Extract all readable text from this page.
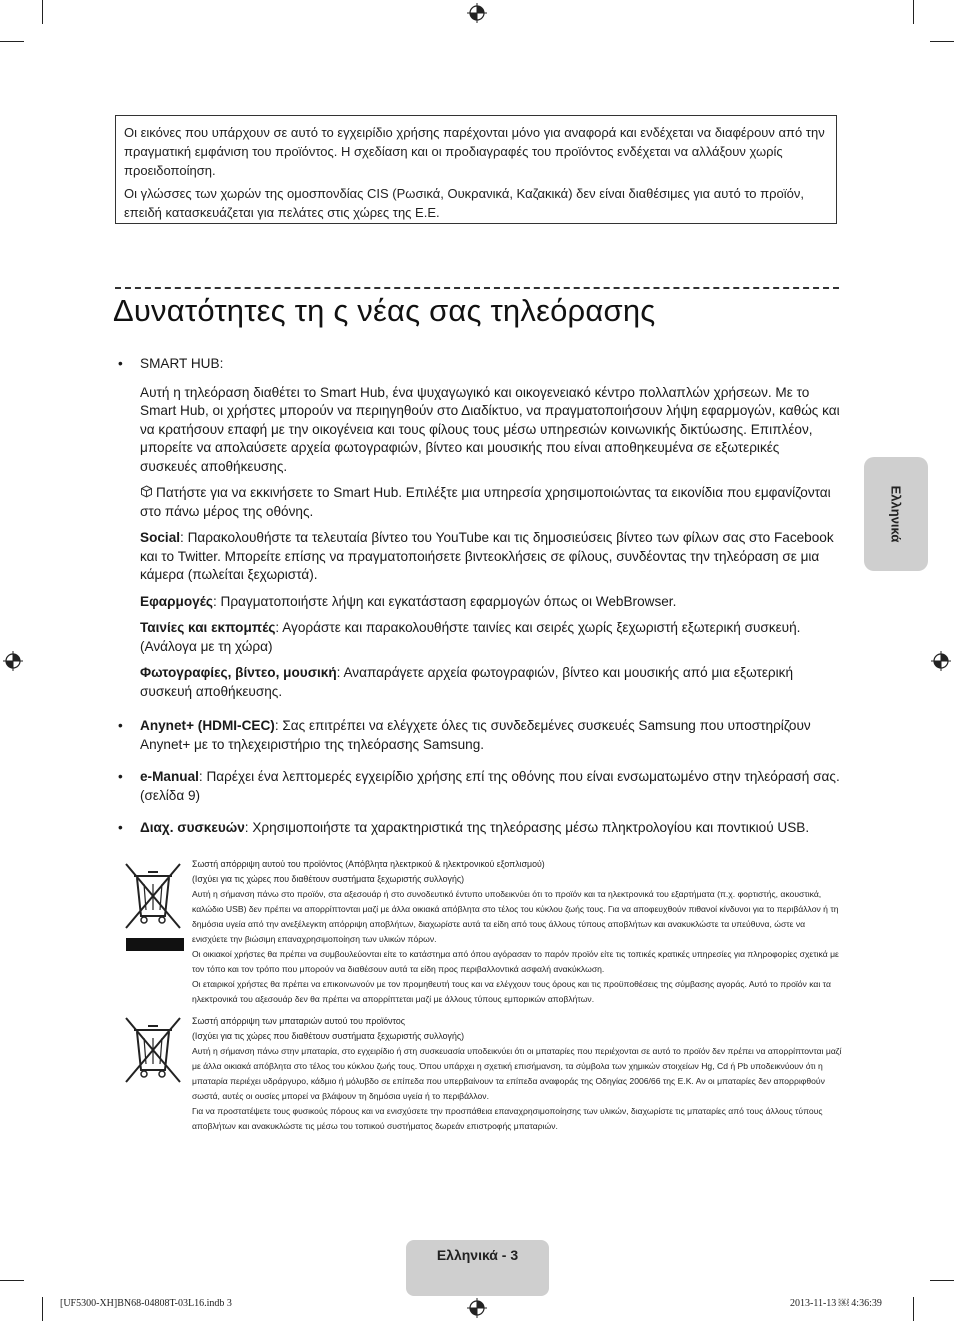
Οι εικόνες που υπάρχουν σε αυτό το εγχειρίδιο χρήσης παρέχονται μόνο για αναφορά και ενδέχεται να διαφέρουν από την πραγματική εμφάνιση του προϊόντος. Η σχεδίαση και οι προδιαγραφές του προϊόντος ενδέχεται να αλλάξουν χωρίς προειδοποίηση.

Οι γλώσσες των χωρών της ομοσπονδίας CIS (Ρωσικά, Ουκρανικά, Καζακικά) δεν είναι διαθέσιμες για αυτό το προϊόν, επειδή κατασκευάζεται για πελάτες στις χώρες της Ε.Ε.

Δυνατότητες τη ς νέας σας τηλεόρασης
Ελληνικά
• SMART HUB:

Αυτή η τηλεόραση διαθέτει το Smart Hub, ένα ψυχαγωγικό και οικογενειακό κέντρο πολλαπλών χρήσεων. Με το Smart Hub, οι χρήστες μπορούν να περιηγηθούν στο Διαδίκτυο, να πραγματοποιήσουν λήψη εφαρμογών, καθώς και να κρατήσουν επαφή με την οικογένεια και τους φίλους τους μέσω υπηρεσιών κοινωνικής δικτύωσης. Επιπλέον, μπορείτε να απολαύσετε αρχεία φωτογραφιών, βίντεο και μουσικής που είναι αποθηκευμένα σε εξωτερικές συσκευές αποθήκευσης.

Πατήστε για να εκκινήσετε το Smart Hub. Επιλέξτε μια υπηρεσία χρησιμοποιώντας τα εικονίδια που εμφανίζονται στο πάνω μέρος της οθόνης.

Social: Παρακολουθήστε τα τελευταία βίντεο του YouTube και τις δημοσιεύσεις βίντεο των φίλων σας στο Facebook και το Twitter. Μπορείτε επίσης να πραγματοποιήσετε βιντεοκλήσεις σε φίλους, συνδέοντας την τηλεόραση σε μια κάμερα (πωλείται ξεχωριστά).

Εφαρμογές: Πραγματοποιήστε λήψη και εγκατάσταση εφαρμογών όπως οι WebBrowser.

Ταινίες και εκπομπές: Αγοράστε και παρακολουθήστε ταινίες και σειρές χωρίς ξεχωριστή εξωτερική συσκευή. (Ανάλογα με τη χώρα)

Φωτογραφίες, βίντεο, μουσική: Αναπαράγετε αρχεία φωτογραφιών, βίντεο και μουσικής από μια εξωτερική συσκευή αποθήκευσης.

• Anynet+ (HDMI-CEC): Σας επιτρέπει να ελέγχετε όλες τις συνδεδεμένες συσκευές Samsung που υποστηρίζουν Anynet+ με το τηλεχειριστήριο της τηλεόρασης Samsung.
• e-Manual: Παρέχει ένα λεπτομερές εγχειρίδιο χρήσης επί της οθόνης που είναι ενσωματωμένο στην τηλεόρασή σας. (σελίδα 9)
• Διαχ. συσκευών: Χρησιμοποιήστε τα χαρακτηριστικά της τηλεόρασης μέσω πληκτρολογίου και ποντικιού USB.
Σωστή απόρριψη αυτού του προϊόντος (Απόβλητα ηλεκτρικού & ηλεκτρονικού εξοπλισμού)
(Ισχύει για τις χώρες που διαθέτουν συστήματα ξεχωριστής συλλογής)
Αυτή η σήμανση πάνω στο προϊόν, στα αξεσουάρ ή στο συνοδευτικό έντυπο υποδεικνύει ότι το προϊόν και τα ηλεκτρονικά του εξαρτήματα (π.χ. φορτιστής, ακουστικά, καλώδιο USB) δεν πρέπει να απορρίπτονται μαζί με άλλα οικιακά απόβλητα στο τέλος του κύκλου ζωής τους. Για να αποφευχθούν πιθανοί κίνδυνοι για το περιβάλλον ή τη δημόσια υγεία από την ανεξέλεγκτη απόρριψη αποβλήτων, διαχωρίστε αυτά τα είδη από τους άλλους τύπους αποβλήτων και ανακυκλώστε τα υπεύθυνα, ώστε να ενισχύετε την βιώσιμη επαναχρησιμοποίηση των υλικών πόρων.
Οι οικιακοί χρήστες θα πρέπει να συμβουλεύονται είτε το κατάστημα από όπου αγόρασαν το παρόν προϊόν είτε τις τοπικές κρατικές υπηρεσίες για πληροφορίες σχετικά με τον τόπο και τον τρόπο που μπορούν να διαθέσουν αυτά τα είδη προς περιβαλλοντικά ασφαλή ανακύκλωση.
Οι εταιρικοί χρήστες θα πρέπει να επικοινωνούν με τον προμηθευτή τους και να ελέγχουν τους όρους και τις προϋποθέσεις της σύμβασης αγοράς. Αυτό το προϊόν και τα ηλεκτρονικά του αξεσουάρ δεν θα πρέπει να απορρίπτεται μαζί με άλλους τύπους εμπορικών αποβλήτων.
Σωστή απόρριψη των μπαταριών αυτού του προϊόντος
(Ισχύει για τις χώρες που διαθέτουν συστήματα ξεχωριστής συλλογής)
Αυτή η σήμανση πάνω στην μπαταρία, στο εγχειρίδιο ή στη συσκευασία υποδεικνύει ότι οι μπαταρίες που περιέχονται σε αυτό το προϊόν δεν πρέπει να απορρίπτονται μαζί με άλλα οικιακά απόβλητα στο τέλος του κύκλου ζωής τους. Όπου υπάρχει η σχετική επισήμανση, τα σύμβολα των χημικών στοιχείων Hg, Cd ή Pb υποδεικνύουν ότι η μπαταρία περιέχει υδράργυρο, κάδμιο ή μόλυβδο σε επίπεδα που υπερβαίνουν τα επίπεδα αναφοράς της Οδηγίας 2006/66 της Ε.Κ. Αν οι μπαταρίες δεν απορριφθούν σωστά, αυτές οι ουσίες μπορεί να βλάψουν τη δημόσια υγεία ή το περιβάλλον.
Για να προστατέψετε τους φυσικούς πόρους και να ενισχύσετε την προσπάθεια επαναχρησιμοποίησης των υλικών, διαχωρίστε τις μπαταρίες από τους άλλους τύπους αποβλήτων και ανακυκλώστε τις μέσω του τοπικού συστήματος δωρεάν επιστροφής μπαταριών.
Ελληνικά - 3
[UF5300-XH]BN68-04808T-03L16.indb 3	2013-11-13 ￼ 4:36:39
